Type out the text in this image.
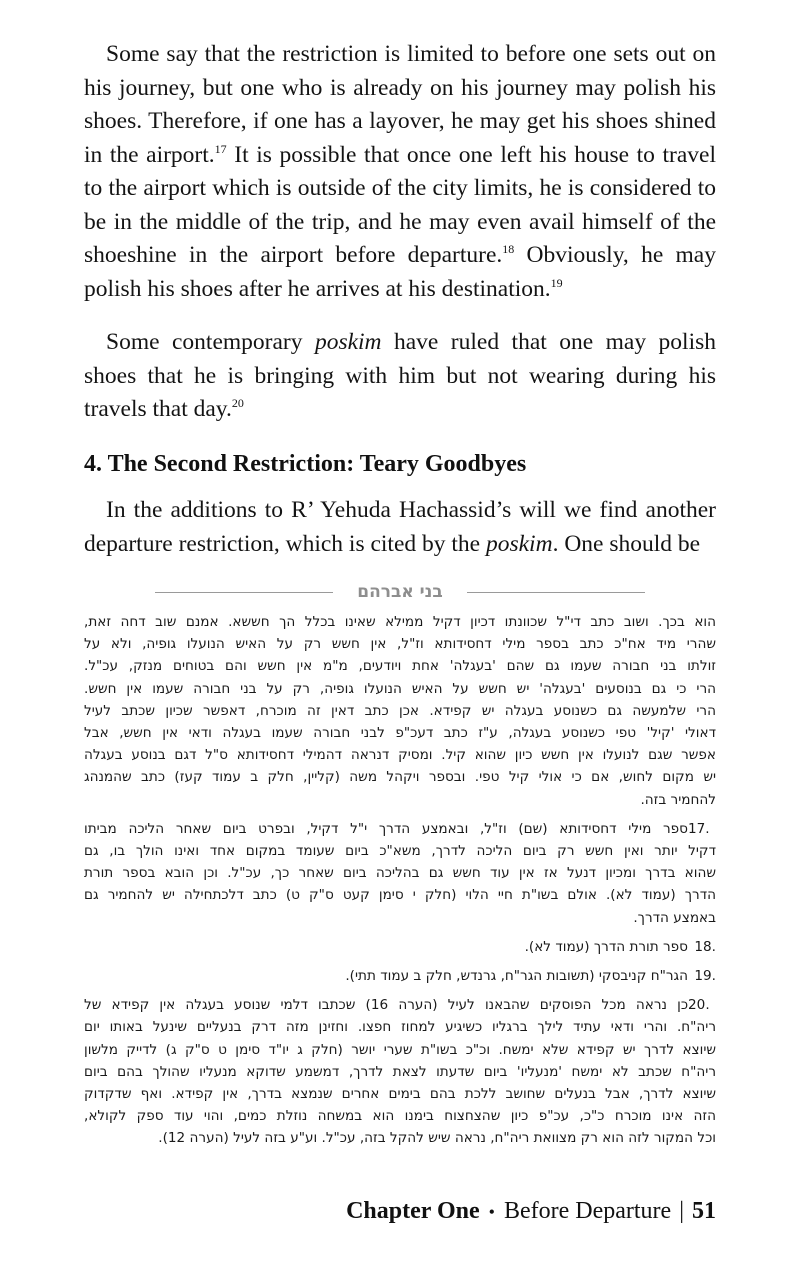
Some say that the restriction is limited to before one sets out on his journey, but one who is already on his journey may polish his shoes. Therefore, if one has a layover, he may get his shoes shined in the airport.$^{17}$ It is possible that once one left his house to travel to the airport which is outside of the city limits, he is considered to be in the middle of the trip, and he may even avail himself of the shoeshine in the airport before departure.$^{18}$ Obviously, he may polish his shoes after he arrives at his destination.$^{19}$

Some contemporary poskim have ruled that one may polish shoes that he is bringing with him but not wearing during his travels that day.$^{20}$

4. The Second Restriction: Teary Goodbyes

In the additions to R’ Yehuda Hachassid’s will we find another departure restriction, which is cited by the poskim. One should be

בני אברהם
הוא בכך. ושוב כתב די"ל שכוונתו דכיון דקיל ממילא שאינו בכלל הך חששא. אמנם שוב דחה זאת,
שהרי מיד אח"כ כתב בספר מילי דחסידותא וז"ל, אין חשש רק על האיש הנועלו גופיה, ולא על
זולתו בני חבורה שעמו גם שהם 'בעגלה' אחת ויודעים, מ"מ אין חשש והם בטוחים מנזק, עכ"ל.
הרי כי גם בנוסעים 'בעגלה' יש חשש על האיש הנועלו גופיה, רק על בני חבורה שעמו אין חשש.
הרי שלמעשה גם כשנוסע בעגלה יש קפידא. אכן כתב דאין זה מוכרח, דאפשר שכיון שכתב לעיל
דאולי 'קיל' טפי כשנוסע בעגלה, ע"ז כתב דעכ"פ לבני חבורה שעמו בעגלה ודאי אין חשש, אבל
אפשר שגם לנועלו אין חשש כיון שהוא קיל. ומסיק דנראה דהמילי דחסידותא ס"ל דגם בנוסע בעגלה
יש מקום לחוש, אם כי אולי קיל טפי. ובספר ויקהל משה (קליין, חלק ב עמוד קעז) כתב שהמנהג
להחמיר בזה.
17.ספר מילי דחסידותא (שם) וז"ל, ובאמצע הדרך י"ל דקיל, ובפרט ביום שאחר הליכה מביתו
דקיל יותר ואין חשש רק ביום הליכה לדרך, משא"כ ביום שעומד במקום אחד ואינו הולך בו, גם
שהוא בדרך ומכיון דנעל אז אין עוד חשש גם בהליכה ביום שאחר כך, עכ"ל. וכן הובא בספר תורת
הדרך (עמוד לא). אולם בשו"ת חיי הלוי (חלק י סימן קעט ס"ק ט) כתב דלכתחילה יש להחמיר גם
באמצע הדרך.
18.ספר תורת הדרך (עמוד לא).
19.הגר"ח קניבסקי (תשובות הגר"ח, גרנדש, חלק ב עמוד תתי).
20.כן נראה מכל הפוסקים שהבאנו לעיל (הערה 16) שכתבו דלמי שנוסע בעגלה אין קפידא של
ריה"ח. והרי ודאי עתיד לילך ברגליו כשיגיע למחוז חפצו. וחזינן מזה דרק בנעליים שינעל באותו יום
שיוצא לדרך יש קפידא שלא ימשח. וכ"כ בשו"ת שערי יושר (חלק ג יו"ד סימן ט ס"ק ג) לדייק מלשון
ריה"ח שכתב לא ימשח 'מנעליו' ביום שדעתו לצאת לדרך, דמשמע שדוקא מנעליו שהולך בהם ביום
שיוצא לדרך, אבל בנעלים שחושב ללכת בהם בימים אחרים שנמצא בדרך, אין קפידא. ואף שדקדוק
הזה אינו מוכרח כ"כ, עכ"פ כיון שהצחצוח בימנו הוא במשחה נוזלת כמים, והוי עוד ספק לקולא,
וכל המקור לזה הוא רק מצוואת ריה"ח, נראה שיש להקל בזה, עכ"ל. וע"ע בזה לעיל (הערה 12).
Chapter One • Before Departure | 51
